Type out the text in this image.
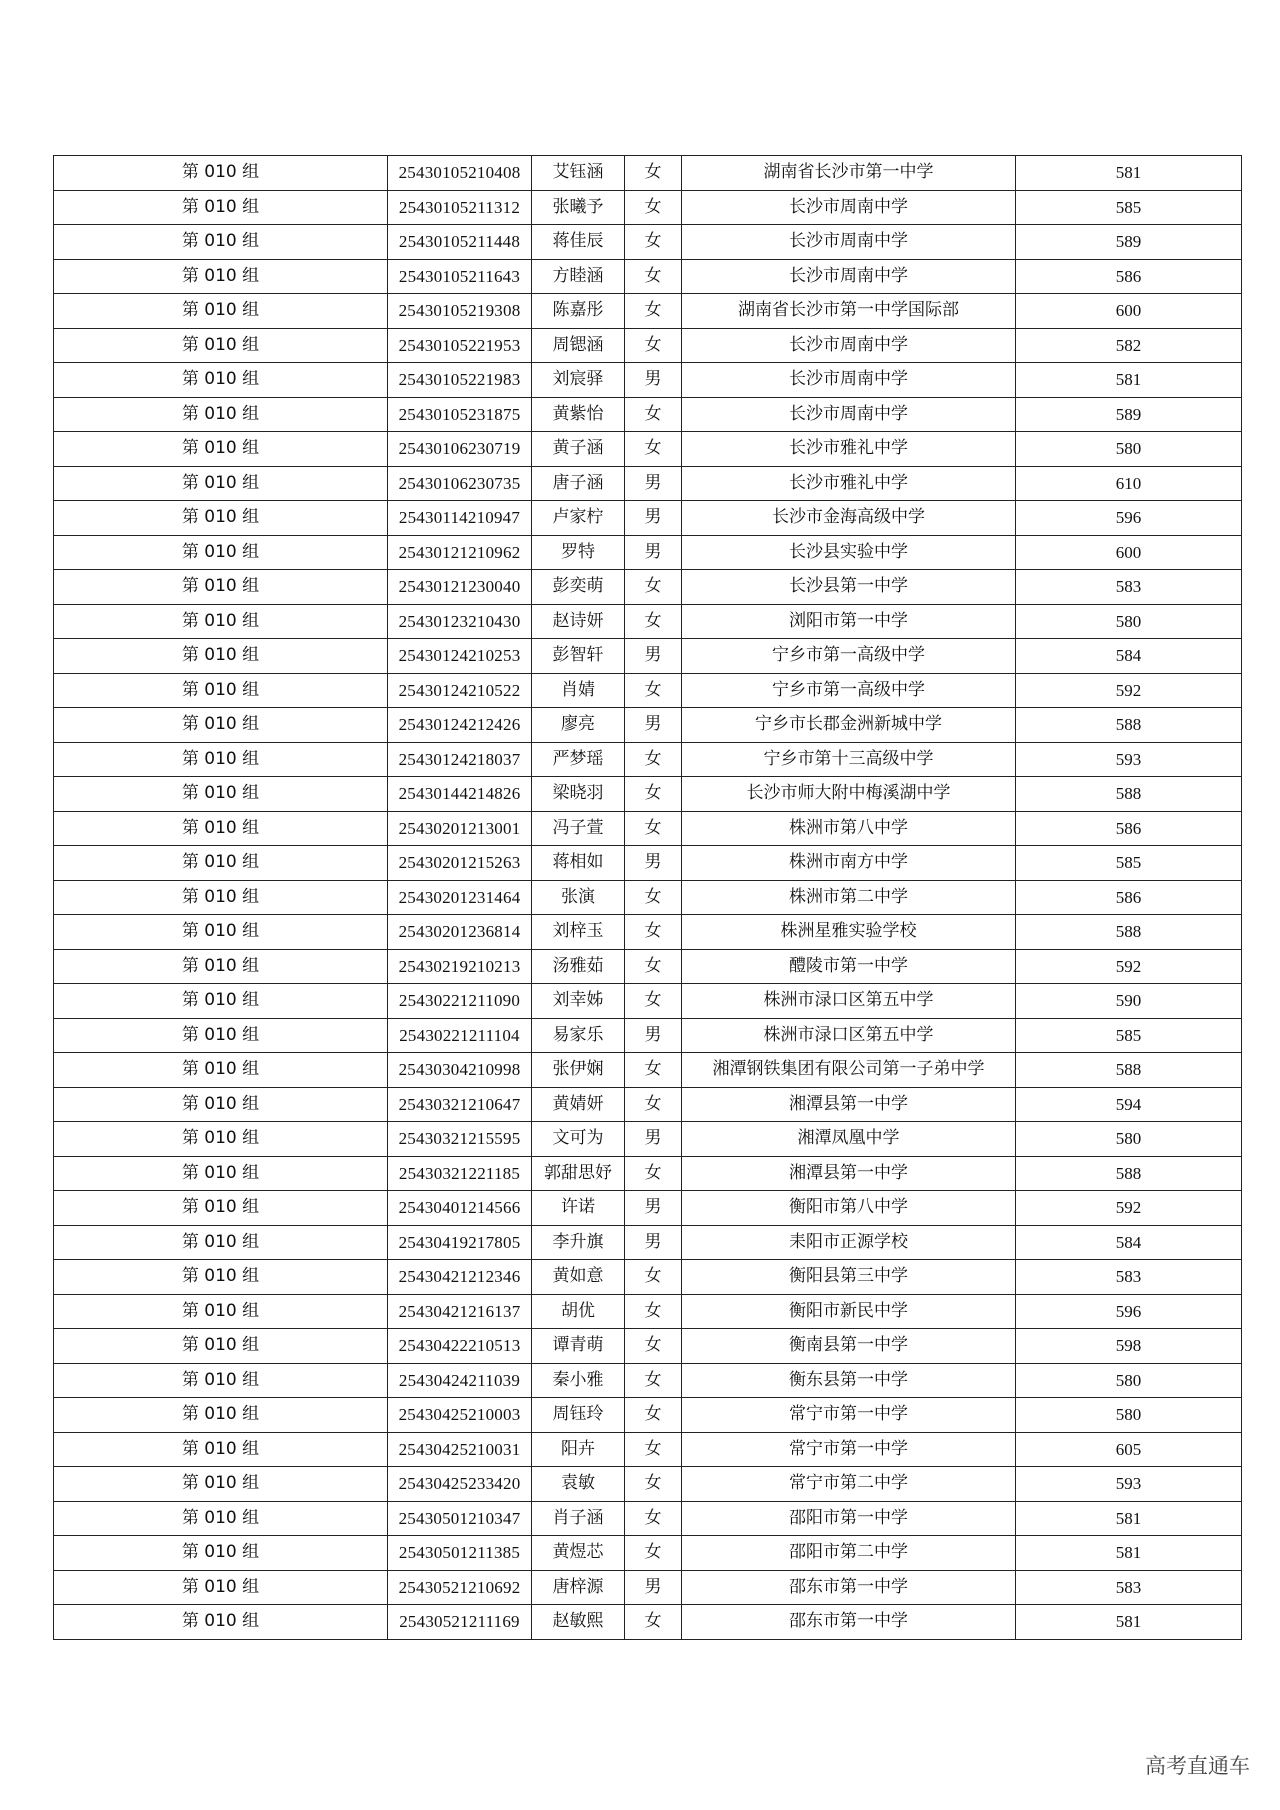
第 010 组	25430105210408	艾钰涵	女	湖南省长沙市第一中学	581
第 010 组	25430105211312	张曦予	女	长沙市周南中学	585
第 010 组	25430105211448	蒋佳辰	女	长沙市周南中学	589
第 010 组	25430105211643	方睦涵	女	长沙市周南中学	586
第 010 组	25430105219308	陈嘉彤	女	湖南省长沙市第一中学国际部	600
第 010 组	25430105221953	周锶涵	女	长沙市周南中学	582
第 010 组	25430105221983	刘宸驿	男	长沙市周南中学	581
第 010 组	25430105231875	黄紫怡	女	长沙市周南中学	589
第 010 组	25430106230719	黄子涵	女	长沙市雅礼中学	580
第 010 组	25430106230735	唐子涵	男	长沙市雅礼中学	610
第 010 组	25430114210947	卢家柠	男	长沙市金海高级中学	596
第 010 组	25430121210962	罗特	男	长沙县实验中学	600
第 010 组	25430121230040	彭奕萌	女	长沙县第一中学	583
第 010 组	25430123210430	赵诗妍	女	浏阳市第一中学	580
第 010 组	25430124210253	彭智轩	男	宁乡市第一高级中学	584
第 010 组	25430124210522	肖婧	女	宁乡市第一高级中学	592
第 010 组	25430124212426	廖亮	男	宁乡市长郡金洲新城中学	588
第 010 组	25430124218037	严梦瑶	女	宁乡市第十三高级中学	593
第 010 组	25430144214826	梁晓羽	女	长沙市师大附中梅溪湖中学	588
第 010 组	25430201213001	冯子萱	女	株洲市第八中学	586
第 010 组	25430201215263	蒋相如	男	株洲市南方中学	585
第 010 组	25430201231464	张演	女	株洲市第二中学	586
第 010 组	25430201236814	刘梓玉	女	株洲星雅实验学校	588
第 010 组	25430219210213	汤雅茹	女	醴陵市第一中学	592
第 010 组	25430221211090	刘幸姊	女	株洲市渌口区第五中学	590
第 010 组	25430221211104	易家乐	男	株洲市渌口区第五中学	585
第 010 组	25430304210998	张伊娴	女	湘潭钢铁集团有限公司第一子弟中学	588
第 010 组	25430321210647	黄婧妍	女	湘潭县第一中学	594
第 010 组	25430321215595	文可为	男	湘潭凤凰中学	580
第 010 组	25430321221185	郭甜思妤	女	湘潭县第一中学	588
第 010 组	25430401214566	许诺	男	衡阳市第八中学	592
第 010 组	25430419217805	李升旗	男	耒阳市正源学校	584
第 010 组	25430421212346	黄如意	女	衡阳县第三中学	583
第 010 组	25430421216137	胡优	女	衡阳市新民中学	596
第 010 组	25430422210513	谭青萌	女	衡南县第一中学	598
第 010 组	25430424211039	秦小雅	女	衡东县第一中学	580
第 010 组	25430425210003	周钰玲	女	常宁市第一中学	580
第 010 组	25430425210031	阳卉	女	常宁市第一中学	605
第 010 组	25430425233420	袁敏	女	常宁市第二中学	593
第 010 组	25430501210347	肖子涵	女	邵阳市第一中学	581
第 010 组	25430501211385	黄煜芯	女	邵阳市第二中学	581
第 010 组	25430521210692	唐梓源	男	邵东市第一中学	583
第 010 组	25430521211169	赵敏熙	女	邵东市第一中学	581
高考直通车
